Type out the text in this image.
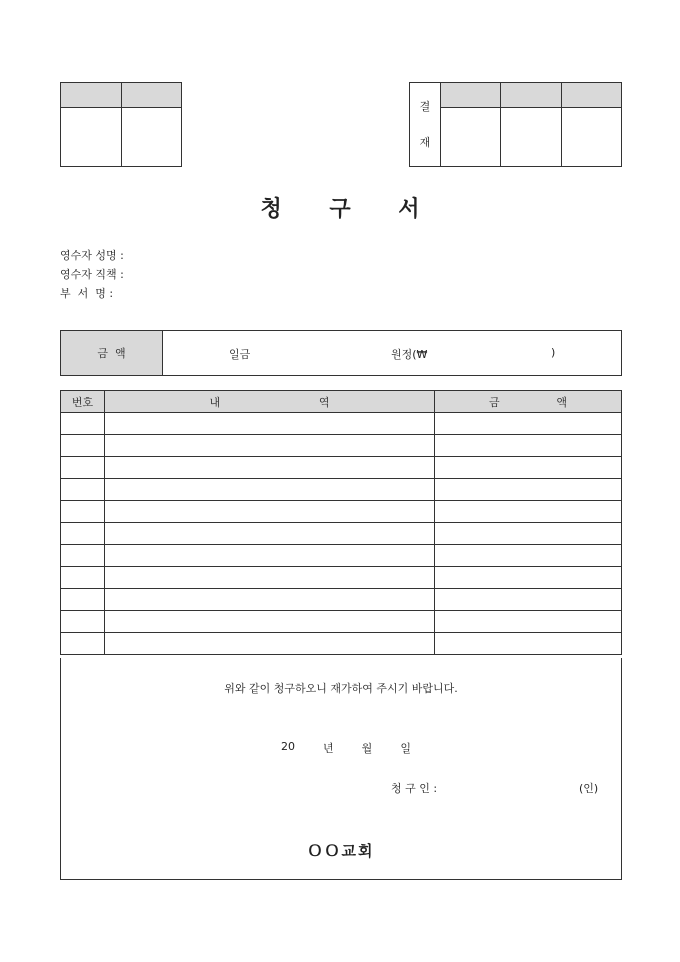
결
재			

청 구 서
영수자 성명 :
영수자 직책 :
부  서  명 :
금  액	일금	원정(₩	)
번호	내 역	금 액

위와 같이 청구하오니 재가하여 주시기 바랍니다.
20	년	월	일
청 구 인 :	(인)
ＯＯ교회
